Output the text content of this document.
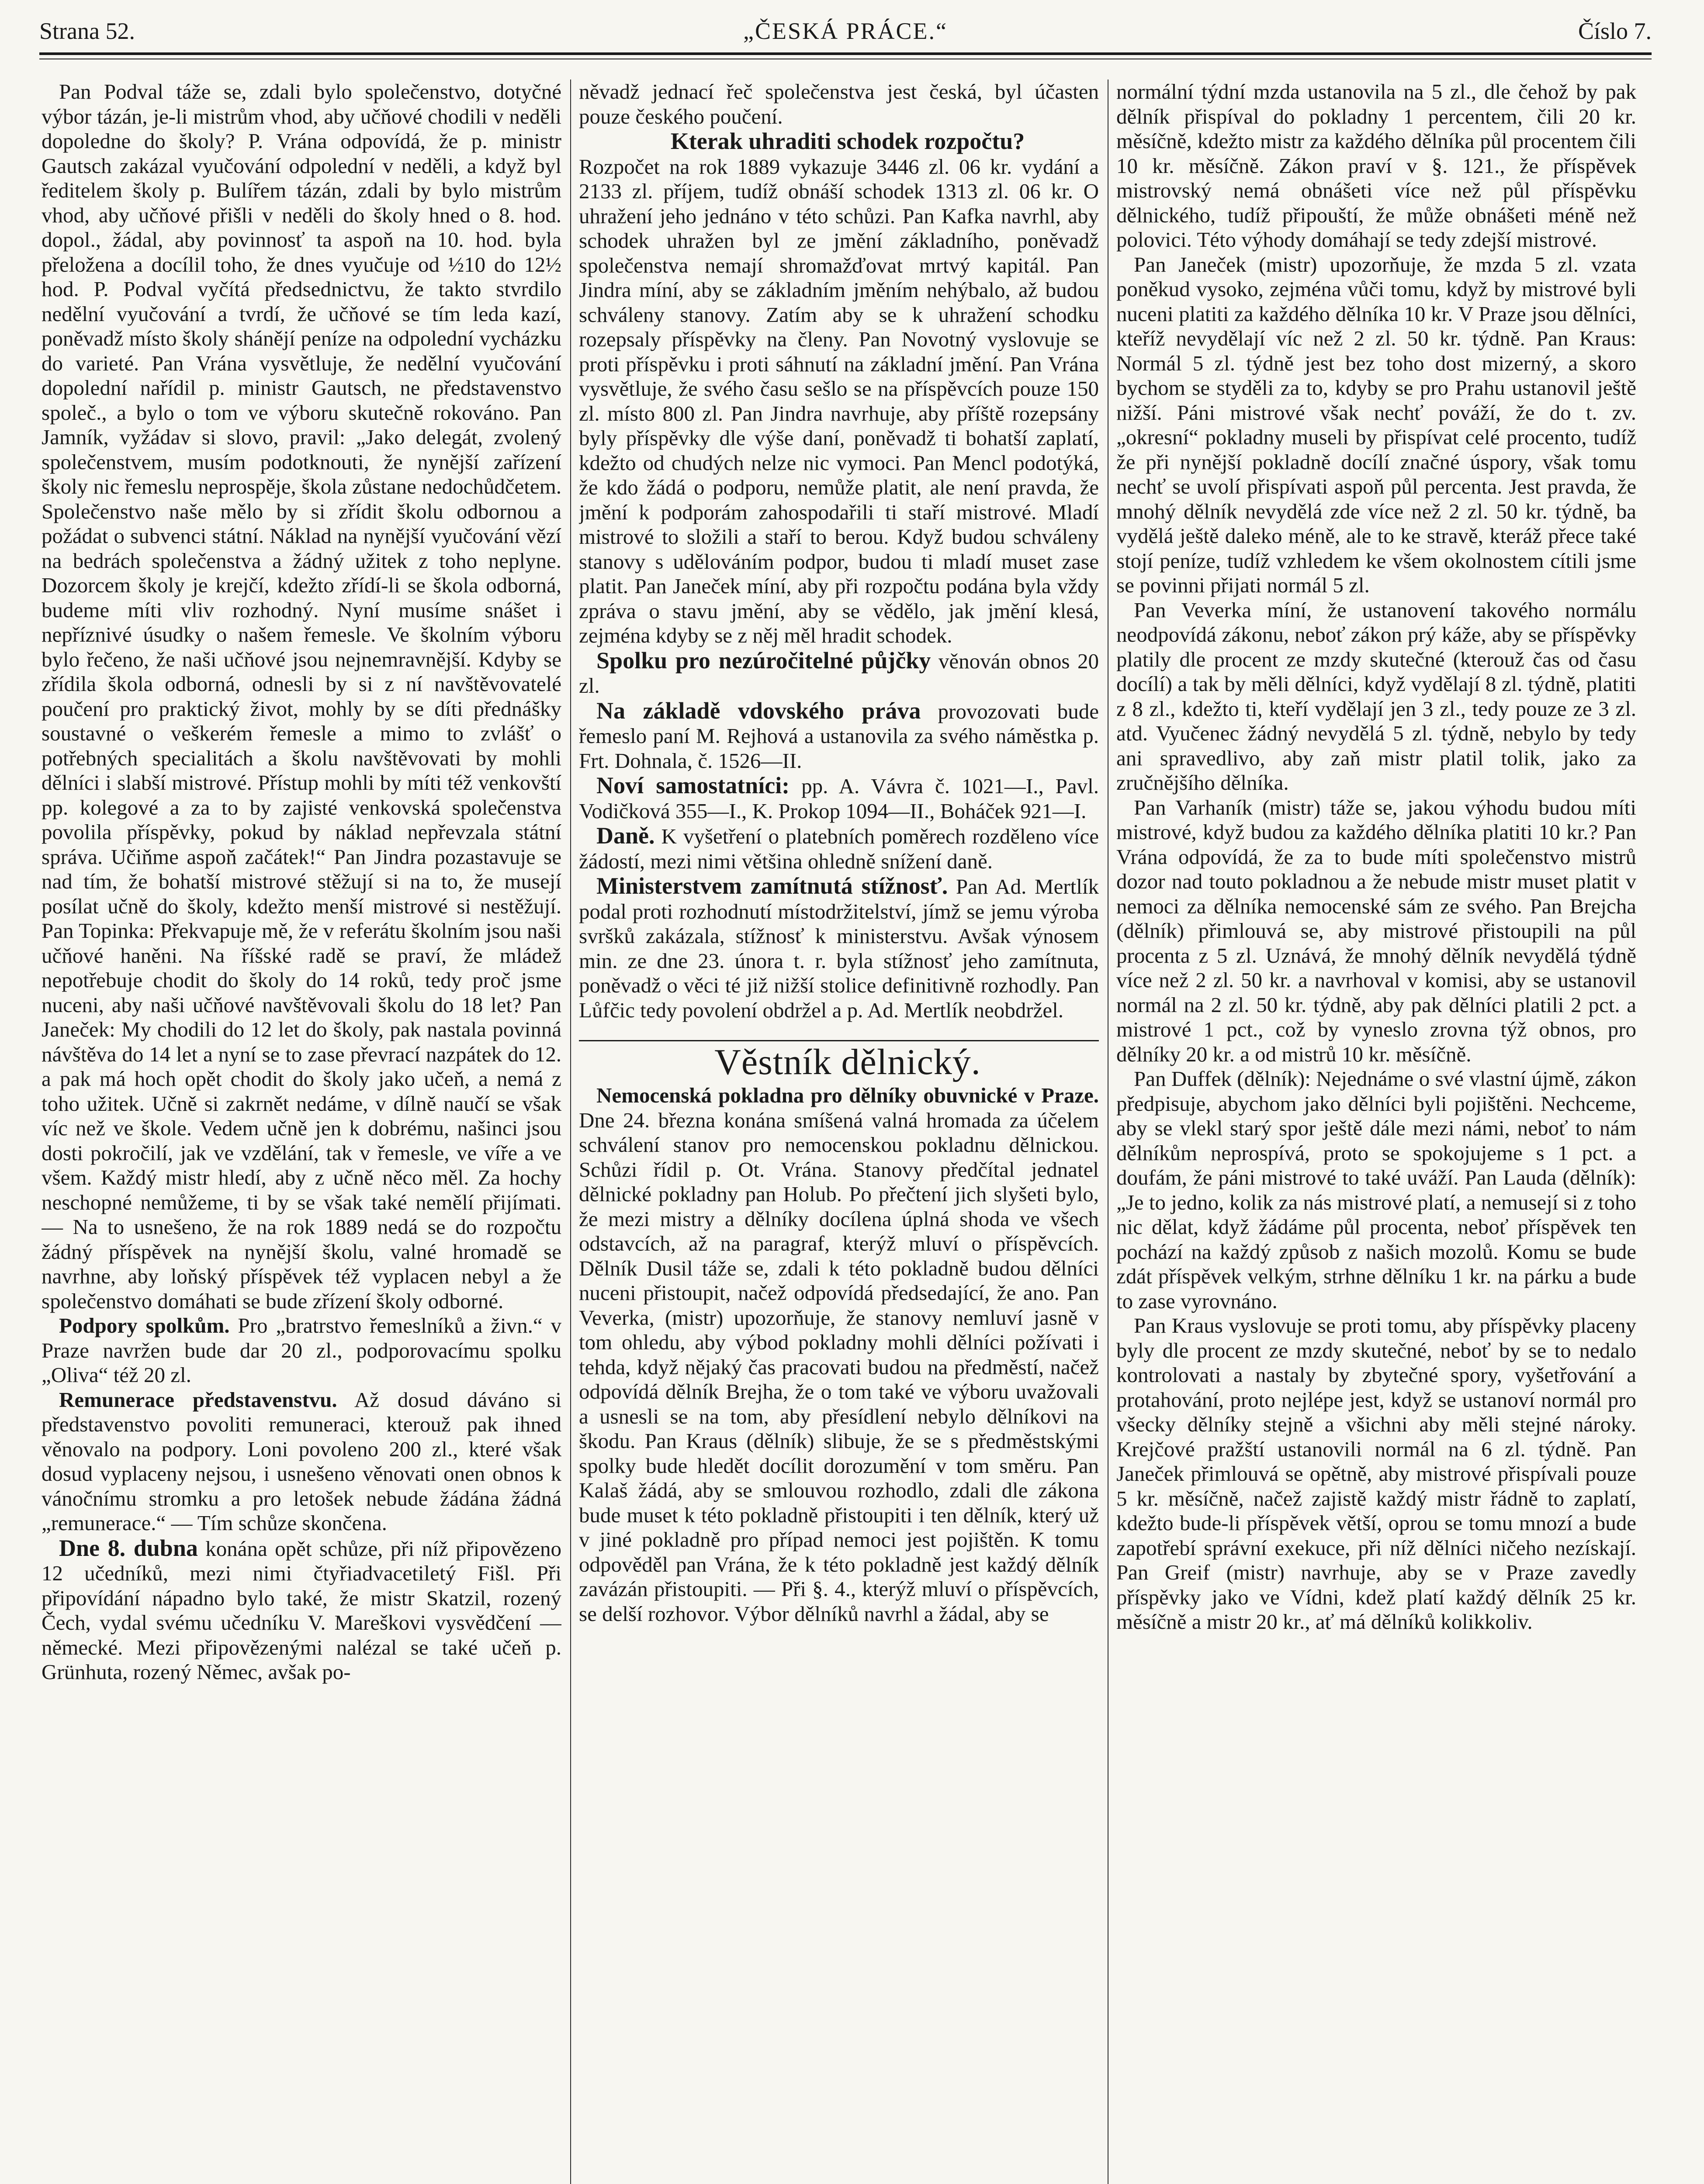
Strana 52.	„ČESKÁ PRÁCE.“	Číslo 7.

Pan Podval táže se, zdali bylo společenstvo, dotyčné výbor tázán, je-li mistrům vhod, aby učňové chodili v neděli dopoledne do školy? P. Vrána odpovídá, že p. ministr Gautsch zakázal vyučování odpolední v neděli, a když byl ředitelem školy p. Bulířem tázán, zdali by bylo mistrům vhod, aby učňové přišli v neděli do školy hned o 8. hod. dopol., žádal, aby povinnosť ta aspoň na 10. hod. byla přeložena a docílil toho, že dnes vyučuje od ½10 do 12½ hod. P. Podval vyčítá předsednictvu, že takto stvrdilo nedělní vyučování a tvrdí, že učňové se tím leda kazí, poněvadž místo školy shánějí peníze na odpolední vycházku do varieté. Pan Vrána vysvětluje, že nedělní vyučování dopolední nařídil p. ministr Gautsch, ne představenstvo společ., a bylo o tom ve výboru skutečně rokováno. Pan Jamník, vyžádav si slovo, pravil: „Jako delegát, zvolený společenstvem, musím podotknouti, že nynější zařízení školy nic řemeslu neprospěje, škola zůstane nedochůdčetem. Společenstvo naše mělo by si zřídit školu odbornou a požádat o subvenci státní. Náklad na nynější vyučování vězí na bedrách společenstva a žádný užitek z toho neplyne. Dozorcem školy je krejčí, kdežto zřídí-li se škola odborná, budeme míti vliv rozhodný. Nyní musíme snášet i nepříznivé úsudky o našem řemesle. Ve školním výboru bylo řečeno, že naši učňové jsou nejnemravnější. Kdyby se zřídila škola odborná, odnesli by si z ní navštěvovatelé poučení pro praktický život, mohly by se díti přednášky soustavné o veškerém řemesle a mimo to zvlášť o potřebných specialitách a školu navštěvovati by mohli dělníci i slabší mistrové. Přístup mohli by míti též venkovští pp. kolegové a za to by zajisté venkovská společenstva povolila příspěvky, pokud by náklad nepřevzala státní správa. Učiňme aspoň začátek!“ Pan Jindra pozastavuje se nad tím, že bohatší mistrové stěžují si na to, že musejí posílat učně do školy, kdežto menší mistrové si nestěžují. Pan Topinka: Překvapuje mě, že v referátu školním jsou naši učňové haněni. Na říšské radě se praví, že mládež nepotřebuje chodit do školy do 14 roků, tedy proč jsme nuceni, aby naši učňové navštěvovali školu do 18 let? Pan Janeček: My chodili do 12 let do školy, pak nastala povinná návštěva do 14 let a nyní se to zase převrací nazpátek do 12. a pak má hoch opět chodit do školy jako učeň, a nemá z toho užitek. Učně si zakrnět nedáme, v dílně naučí se však víc než ve škole. Vedem učně jen k dobrému, našinci jsou dosti pokročilí, jak ve vzdělání, tak v řemesle, ve víře a ve všem. Každý mistr hledí, aby z učně něco měl. Za hochy neschopné nemůžeme, ti by se však také nemělí přijímati. — Na to usnešeno, že na rok 1889 nedá se do rozpočtu žádný příspěvek na nynější školu, valné hromadě se navrhne, aby loňský příspěvek též vyplacen nebyl a že společenstvo domáhati se bude zřízení školy odborné.

Podpory spolkům. Pro „bratrstvo řemeslníků a živn.“ v Praze navržen bude dar 20 zl., podporovacímu spolku „Oliva“ též 20 zl.

Remunerace představenstvu. Až dosud dáváno si představenstvo povoliti remuneraci, kterouž pak ihned věnovalo na podpory. Loni povoleno 200 zl., které však dosud vyplaceny nejsou, i usnešeno věnovati onen obnos k vánočnímu stromku a pro letošek nebude žádána žádná „remunerace.“ — Tím schůze skončena.

Dne 8. dubna konána opět schůze, při níž připovězeno 12 učedníků, mezi nimi čtyřiadvacetiletý Fišl. Při připovídání nápadno bylo také, že mistr Skatzil, rozený Čech, vydal svému učedníku V. Mareškovi vysvědčení — německé. Mezi připovězenými nalézal se také učeň p. Grünhuta, rozený Němec, avšak po-

něvadž jednací řeč společenstva jest česká, byl účasten pouze českého poučení.

Kterak uhraditi schodek rozpočtu?

Rozpočet na rok 1889 vykazuje 3446 zl. 06 kr. vydání a 2133 zl. příjem, tudíž obnáší schodek 1313 zl. 06 kr. O uhražení jeho jednáno v této schůzi. Pan Kafka navrhl, aby schodek uhražen byl ze jmění základního, poněvadž společenstva nemají shromažďovat mrtvý kapitál. Pan Jindra míní, aby se základním jměním nehýbalo, až budou schváleny stanovy. Zatím aby se k uhražení schodku rozepsaly příspěvky na členy. Pan Novotný vyslovuje se proti příspěvku i proti sáhnutí na základní jmění. Pan Vrána vysvětluje, že svého času sešlo se na příspěvcích pouze 150 zl. místo 800 zl. Pan Jindra navrhuje, aby příště rozepsány byly příspěvky dle výše daní, poněvadž ti bohatší zaplatí, kdežto od chudých nelze nic vymoci. Pan Mencl podotýká, že kdo žádá o podporu, nemůže platit, ale není pravda, že jmění k podporám zahospodařili ti staří mistrové. Mladí mistrové to složili a staří to berou. Když budou schváleny stanovy s udělováním podpor, budou ti mladí muset zase platit. Pan Janeček míní, aby při rozpočtu podána byla vždy zpráva o stavu jmění, aby se vědělo, jak jmění klesá, zejména kdyby se z něj měl hradit schodek.

Spolku pro nezúročitelné půjčky věnován obnos 20 zl.

Na základě vdovského práva provozovati bude řemeslo paní M. Rejhová a ustanovila za svého náměstka p. Frt. Dohnala, č. 1526—II.

Noví samostatníci: pp. A. Vávra č. 1021—I., Pavl. Vodičková 355—I., K. Prokop 1094—II., Boháček 921—I.

Daně. K vyšetření o platebních poměrech rozděleno více žádostí, mezi nimi většina ohledně snížení daně.

Ministerstvem zamítnutá stížnosť. Pan Ad. Mertlík podal proti rozhodnutí místodržitelství, jímž se jemu výroba svršků zakázala, stížnosť k ministerstvu. Avšak výnosem min. ze dne 23. února t. r. byla stížnosť jeho zamítnuta, poněvadž o věci té již nižší stolice definitivně rozhodly. Pan Lůfčic tedy povolení obdržel a p. Ad. Mertlík neobdržel.

Věstník dělnický.

Nemocenská pokladna pro dělníky obuvnické v Praze. Dne 24. března konána smíšená valná hromada za účelem schválení stanov pro nemocenskou pokladnu dělnickou. Schůzi řídil p. Ot. Vrána. Stanovy předčítal jednatel dělnické pokladny pan Holub. Po přečtení jich slyšeti bylo, že mezi mistry a dělníky docílena úplná shoda ve všech odstavcích, až na paragraf, kterýž mluví o příspěvcích. Dělník Dusil táže se, zdali k této pokladně budou dělníci nuceni přistoupit, načež odpovídá předsedající, že ano. Pan Veverka, (mistr) upozorňuje, že stanovy nemluví jasně v tom ohledu, aby výbod pokladny mohli dělníci požívati i tehda, když nějaký čas pracovati budou na předměstí, načež odpovídá dělník Brejha, že o tom také ve výboru uvažovali a usnesli se na tom, aby přesídlení nebylo dělníkovi na škodu. Pan Kraus (dělník) slibuje, že se s předměstskými spolky bude hledět docílit dorozumění v tom směru. Pan Kalaš žádá, aby se smlouvou rozhodlo, zdali dle zákona bude muset k této pokladně přistoupiti i ten dělník, který už v jiné pokladně pro případ nemoci jest pojištěn. K tomu odpověděl pan Vrána, že k této pokladně jest každý dělník zavázán přistoupiti. — Při §. 4., kterýž mluví o příspěvcích, se delší rozhovor. Výbor dělníků navrhl a žádal, aby se

normální týdní mzda ustanovila na 5 zl., dle čehož by pak dělník přispíval do pokladny 1 percentem, čili 20 kr. měsíčně, kdežto mistr za každého dělníka půl procentem čili 10 kr. měsíčně. Zákon praví v §. 121., že příspěvek mistrovský nemá obnášeti více než půl příspěvku dělnického, tudíž připouští, že může obnášeti méně než polovici. Této výhody domáhají se tedy zdejší mistrové.

Pan Janeček (mistr) upozorňuje, že mzda 5 zl. vzata poněkud vysoko, zejména vůči tomu, když by mistrové byli nuceni platiti za každého dělníka 10 kr. V Praze jsou dělníci, kteříž nevydělají víc než 2 zl. 50 kr. týdně. Pan Kraus: Normál 5 zl. týdně jest bez toho dost mizerný, a skoro bychom se styděli za to, kdyby se pro Prahu ustanovil ještě nižší. Páni mistrové však nechť pováží, že do t. zv. „okresní“ pokladny museli by přispívat celé procento, tudíž že při nynější pokladně docílí značné úspory, však tomu nechť se uvolí přispívati aspoň půl percenta. Jest pravda, že mnohý dělník nevydělá zde více než 2 zl. 50 kr. týdně, ba vydělá ještě daleko méně, ale to ke stravě, kteráž přece také stojí peníze, tudíž vzhledem ke všem okolnostem cítili jsme se povinni přijati normál 5 zl.

Pan Veverka míní, že ustanovení takového normálu neodpovídá zákonu, neboť zákon prý káže, aby se příspěvky platily dle procent ze mzdy skutečné (kterouž čas od času docílí) a tak by měli dělníci, když vydělají 8 zl. týdně, platiti z 8 zl., kdežto ti, kteří vydělají jen 3 zl., tedy pouze ze 3 zl. atd. Vyučenec žádný nevydělá 5 zl. týdně, nebylo by tedy ani spravedlivo, aby zaň mistr platil tolik, jako za zručnějšího dělníka.

Pan Varhaník (mistr) táže se, jakou výhodu budou míti mistrové, když budou za každého dělníka platiti 10 kr.? Pan Vrána odpovídá, že za to bude míti společenstvo mistrů dozor nad touto pokladnou a že nebude mistr muset platit v nemoci za dělníka nemocenské sám ze svého. Pan Brejcha (dělník) přimlouvá se, aby mistrové přistoupili na půl procenta z 5 zl. Uznává, že mnohý dělník nevydělá týdně více než 2 zl. 50 kr. a navrhoval v komisi, aby se ustanovil normál na 2 zl. 50 kr. týdně, aby pak dělníci platili 2 pct. a mistrové 1 pct., což by vyneslo zrovna týž obnos, pro dělníky 20 kr. a od mistrů 10 kr. měsíčně.

Pan Duffek (dělník): Nejednáme o své vlastní újmě, zákon předpisuje, abychom jako dělníci byli pojištěni. Nechceme, aby se vlekl starý spor ještě dále mezi námi, neboť to nám dělníkům neprospívá, proto se spokojujeme s 1 pct. a doufám, že páni mistrové to také uváží. Pan Lauda (dělník): „Je to jedno, kolik za nás mistrové platí, a nemusejí si z toho nic dělat, když žádáme půl procenta, neboť příspěvek ten pochází na každý způsob z našich mozolů. Komu se bude zdát příspěvek velkým, strhne dělníku 1 kr. na párku a bude to zase vyrovnáno.

Pan Kraus vyslovuje se proti tomu, aby příspěvky placeny byly dle procent ze mzdy skutečné, neboť by se to nedalo kontrolovati a nastaly by zbytečné spory, vyšetřování a protahování, proto nejlépe jest, když se ustanoví normál pro všecky dělníky stejně a všichni aby měli stejné nároky. Krejčové pražští ustanovili normál na 6 zl. týdně. Pan Janeček přimlouvá se opětně, aby mistrové přispívali pouze 5 kr. měsíčně, načež zajistě každý mistr řádně to zaplatí, kdežto bude-li příspěvek větší, oprou se tomu mnozí a bude zapotřebí správní exekuce, při níž dělníci ničeho nezískají. Pan Greif (mistr) navrhuje, aby se v Praze zavedly příspěvky jako ve Vídni, kdež platí každý dělník 25 kr. měsíčně a mistr 20 kr., ať má dělníků kolikkoliv.
